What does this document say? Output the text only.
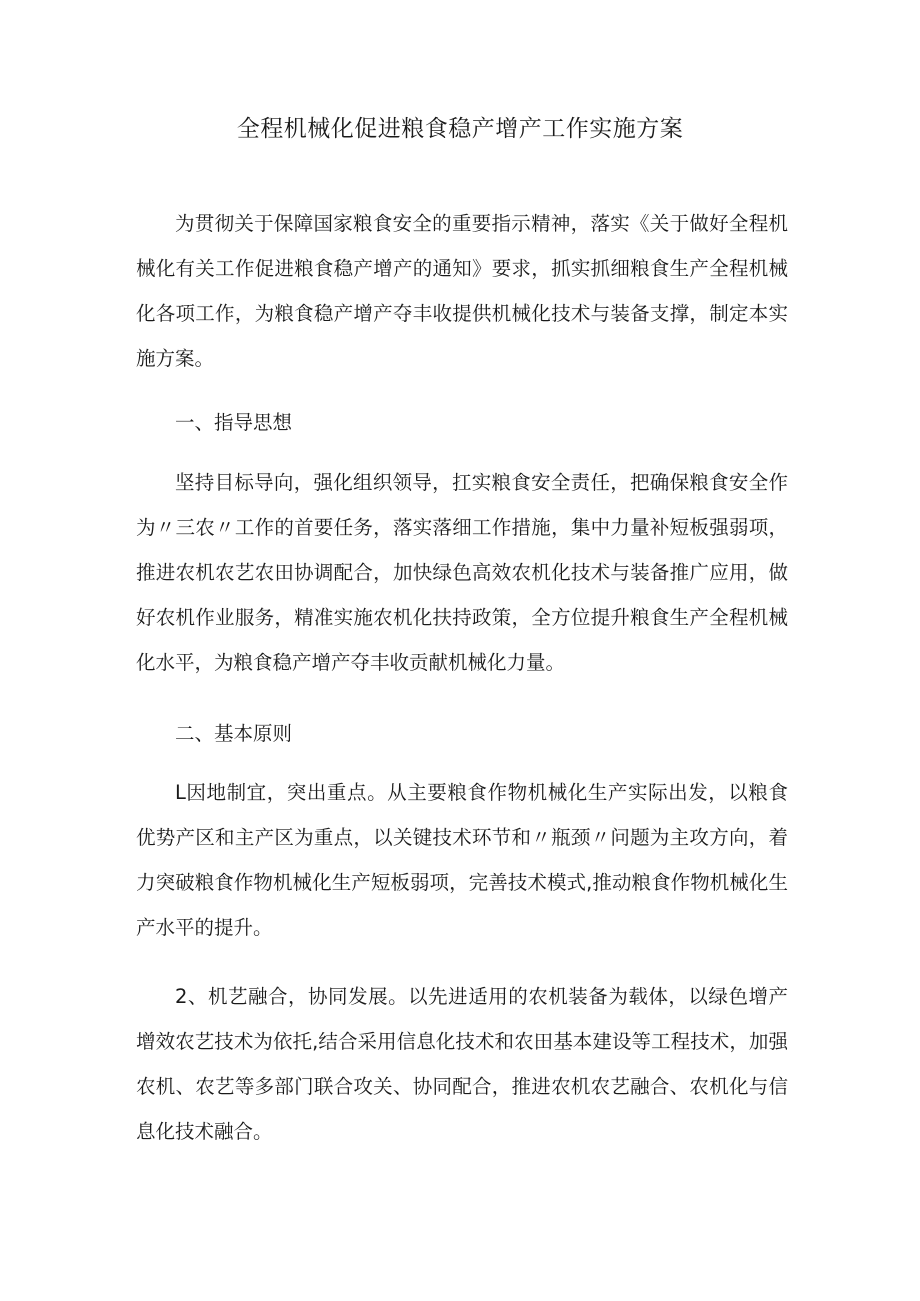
全程机械化促进粮食稳产增产工作实施方案

为贯彻关于保障国家粮食安全的重要指示精神，落实《关于做好全程机械化有关工作促进粮食稳产增产的通知》要求，抓实抓细粮食生产全程机械化各项工作，为粮食稳产增产夺丰收提供机械化技术与装备支撑，制定本实施方案。

一、指导思想

坚持目标导向，强化组织领导，扛实粮食安全责任，把确保粮食安全作为〃三农〃工作的首要任务，落实落细工作措施，集中力量补短板强弱项，推进农机农艺农田协调配合，加快绿色高效农机化技术与装备推广应用，做好农机作业服务，精准实施农机化扶持政策，全方位提升粮食生产全程机械化水平，为粮食稳产增产夺丰收贡献机械化力量。

二、基本原则

L因地制宜，突出重点。从主要粮食作物机械化生产实际出发，以粮食优势产区和主产区为重点，以关键技术环节和〃瓶颈〃问题为主攻方向，着力突破粮食作物机械化生产短板弱项，完善技术模式,推动粮食作物机械化生产水平的提升。

2、机艺融合，协同发展。以先进适用的农机装备为载体，以绿色增产增效农艺技术为依托,结合采用信息化技术和农田基本建设等工程技术，加强农机、农艺等多部门联合攻关、协同配合，推进农机农艺融合、农机化与信息化技术融合。
